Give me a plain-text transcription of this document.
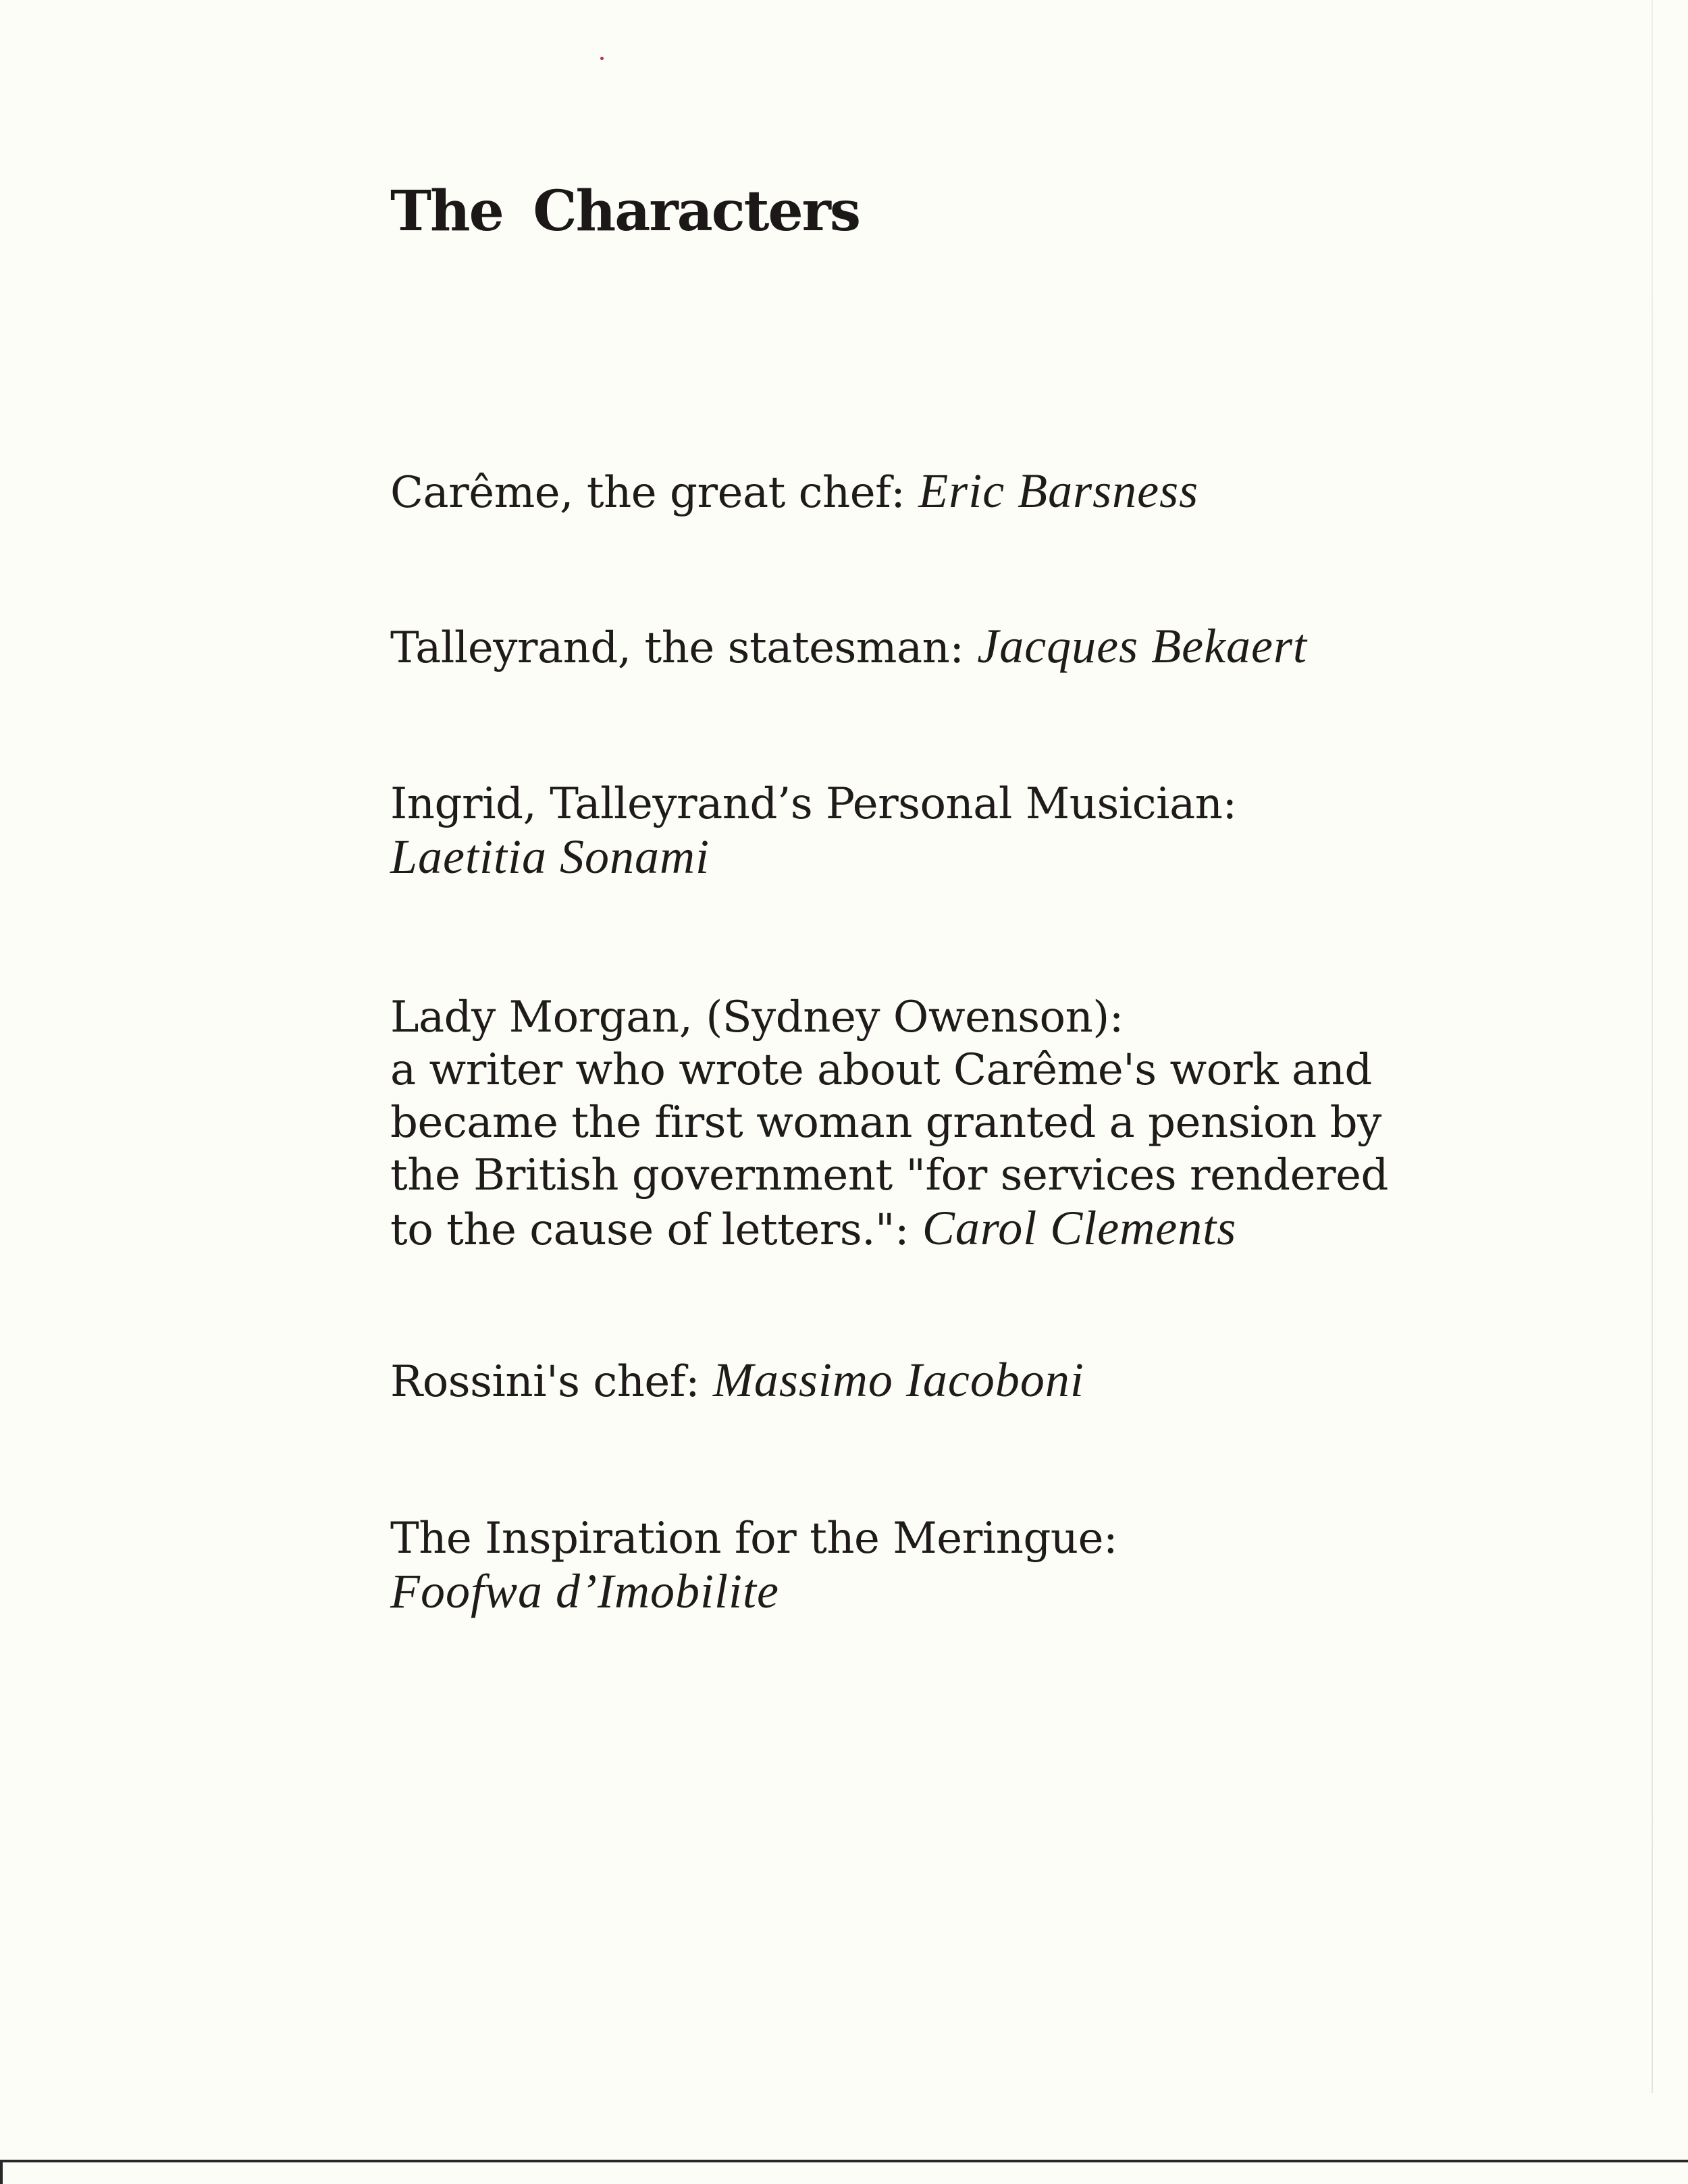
The Characters

Carême, the great chef: Eric Barsness

Talleyrand, the statesman: Jacques Bekaert

Ingrid, Talleyrand’s Personal Musician:
Laetitia Sonami

Lady Morgan, (Sydney Owenson):
a writer who wrote about Carême's work and
became the first woman granted a pension by
the British government "for services rendered
to the cause of letters.": Carol Clements

Rossini's chef: Massimo Iacoboni

The Inspiration for the Meringue:
Foofwa d’Imobilite
